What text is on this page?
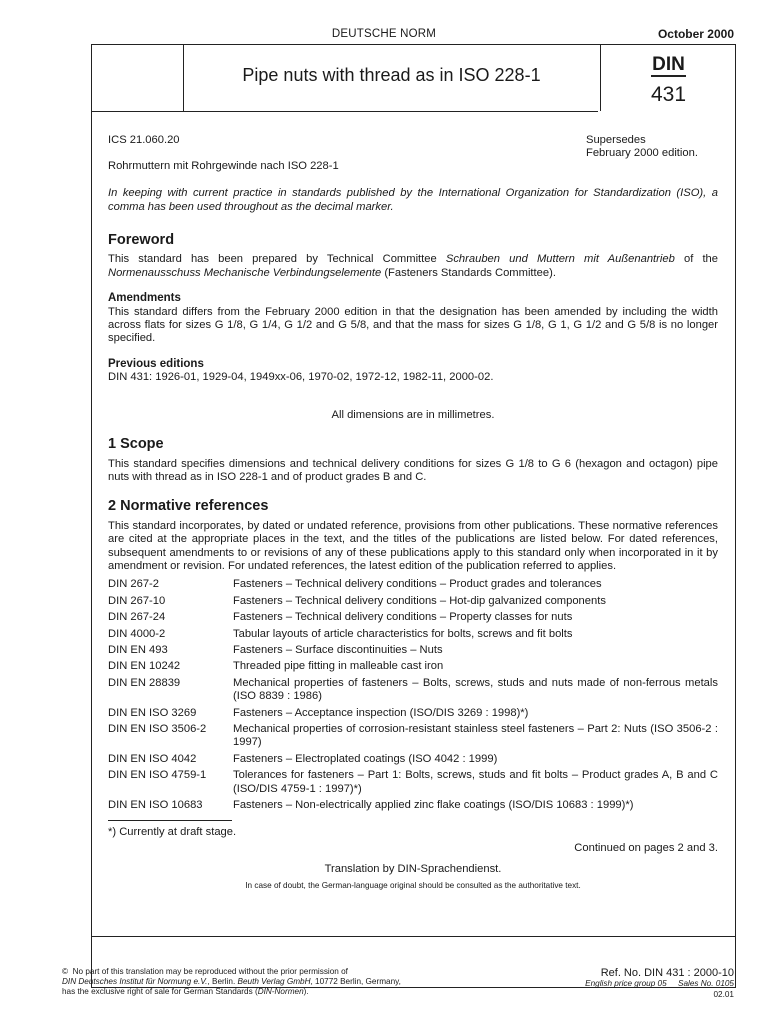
DEUTSCHE NORM	October 2000
Pipe nuts with thread as in ISO 228-1	DIN
431

ICS 21.060.20	Supersedes

February 2000 edition.

Rohrmuttern mit Rohrgewinde nach ISO 228-1

In keeping with current practice in standards published by the International Organization for Standardization (ISO), a comma has been used throughout as the decimal marker.

Foreword

This standard has been prepared by Technical Committee Schrauben und Muttern mit Außenantrieb of the Normenausschuss Mechanische Verbindungselemente (Fasteners Standards Committee).

Amendments

This standard differs from the February 2000 edition in that the designation has been amended by including the width across flats for sizes G 1/8, G 1/4, G 1/2 and G 5/8, and that the mass for sizes G 1/8, G 1, G 1/2 and G 5/8 is no longer specified.

Previous editions

DIN 431: 1926-01, 1929-04, 1949xx-06, 1970-02, 1972-12, 1982-11, 2000-02.

All dimensions are in millimetres.

1 Scope

This standard specifies dimensions and technical delivery conditions for sizes G 1/8 to G 6 (hexagon and octagon) pipe nuts with thread as in ISO 228-1 and of product grades B and C.

2 Normative references

This standard incorporates, by dated or undated reference, provisions from other publications. These normative references are cited at the appropriate places in the text, and the titles of the publications are listed below. For dated references, subsequent amendments to or revisions of any of these publications apply to this standard only when incorporated in it by amendment or revision. For undated references, the latest edition of the publication referred to applies.

DIN 267-2	Fasteners – Technical delivery conditions – Product grades and tolerances
DIN 267-10	Fasteners – Technical delivery conditions – Hot-dip galvanized components
DIN 267-24	Fasteners – Technical delivery conditions – Property classes for nuts
DIN 4000-2	Tabular layouts of article characteristics for bolts, screws and fit bolts
DIN EN 493	Fasteners – Surface discontinuities – Nuts
DIN EN 10242	Threaded pipe fitting in malleable cast iron
DIN EN 28839	Mechanical properties of fasteners – Bolts, screws, studs and nuts made of non-ferrous metals (ISO 8839 : 1986)
DIN EN ISO 3269	Fasteners – Acceptance inspection (ISO/DIS 3269 : 1998)*)
DIN EN ISO 3506-2	Mechanical properties of corrosion-resistant stainless steel fasteners – Part 2: Nuts (ISO 3506-2 : 1997)
DIN EN ISO 4042	Fasteners – Electroplated coatings (ISO 4042 : 1999)
DIN EN ISO 4759-1	Tolerances for fasteners – Part 1: Bolts, screws, studs and fit bolts – Product grades A, B and C (ISO/DIS 4759-1 : 1997)*)
DIN EN ISO 10683	Fasteners – Non-electrically applied zinc flake coatings (ISO/DIS 10683 : 1999)*)

*) Currently at draft stage.

Continued on pages 2 and 3.

Translation by DIN-Sprachendienst.

In case of doubt, the German-language original should be consulted as the authoritative text.

© No part of this translation may be reproduced without the prior permission of
DIN Deutsches Institut für Normung e.V., Berlin. Beuth Verlag GmbH, 10772 Berlin, Germany,
has the exclusive right of sale for German Standards (DIN-Normen).
Ref. No. DIN 431 : 2000-10
English price group 05     Sales No. 0105
02.01
